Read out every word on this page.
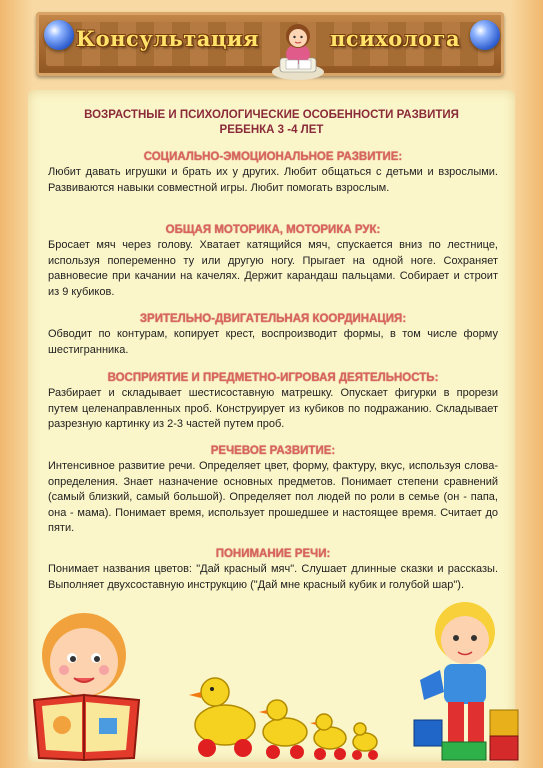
Консультация	психолога
ВОЗРАСТНЫЕ И ПСИХОЛОГИЧЕСКИЕ ОСОБЕННОСТИ РАЗВИТИЯ
РЕБЕНКА 3 -4 ЛЕТ
СОЦИАЛЬНО-ЭМОЦИОНАЛЬНОЕ РАЗВИТИЕ:
Любит давать игрушки и брать их у других. Любит общаться с детьми и взрослыми. Развиваются навыки совместной игры. Любит помогать взрослым.
ОБЩАЯ МОТОРИКА, МОТОРИКА РУК:
Бросает мяч через голову. Хватает катящийся мяч, спускается вниз по лестнице, используя попеременно ту или другую ногу. Прыгает на одной ноге. Сохраняет равновесие при качании на качелях. Держит карандаш пальцами. Собирает и строит из 9 кубиков.
ЗРИТЕЛЬНО-ДВИГАТЕЛЬНАЯ КООРДИНАЦИЯ:
Обводит по контурам, копирует крест, воспроизводит формы, в том числе форму шестигранника.
ВОСПРИЯТИЕ И ПРЕДМЕТНО-ИГРОВАЯ ДЕЯТЕЛЬНОСТЬ:
Разбирает и складывает шестисоставную матрешку. Опускает фигурки в прорези путем целенаправленных проб. Конструирует из кубиков по подражанию. Складывает разрезную картинку из 2-3 частей путем проб.
РЕЧЕВОЕ РАЗВИТИЕ:
Интенсивное развитие речи. Определяет цвет, форму, фактуру, вкус, используя слова-определения. Знает назначение основных предметов. Понимает степени сравнений (самый близкий, самый большой). Определяет пол людей по роли в семье (он - папа, она - мама). Понимает время, использует прошедшее и настоящее время. Считает до пяти.
ПОНИМАНИЕ РЕЧИ:
Понимает названия цветов: "Дай красный мяч". Слушает длинные сказки и рассказы. Выполняет двухсоставную инструкцию ("Дай мне красный кубик и голубой шар").
